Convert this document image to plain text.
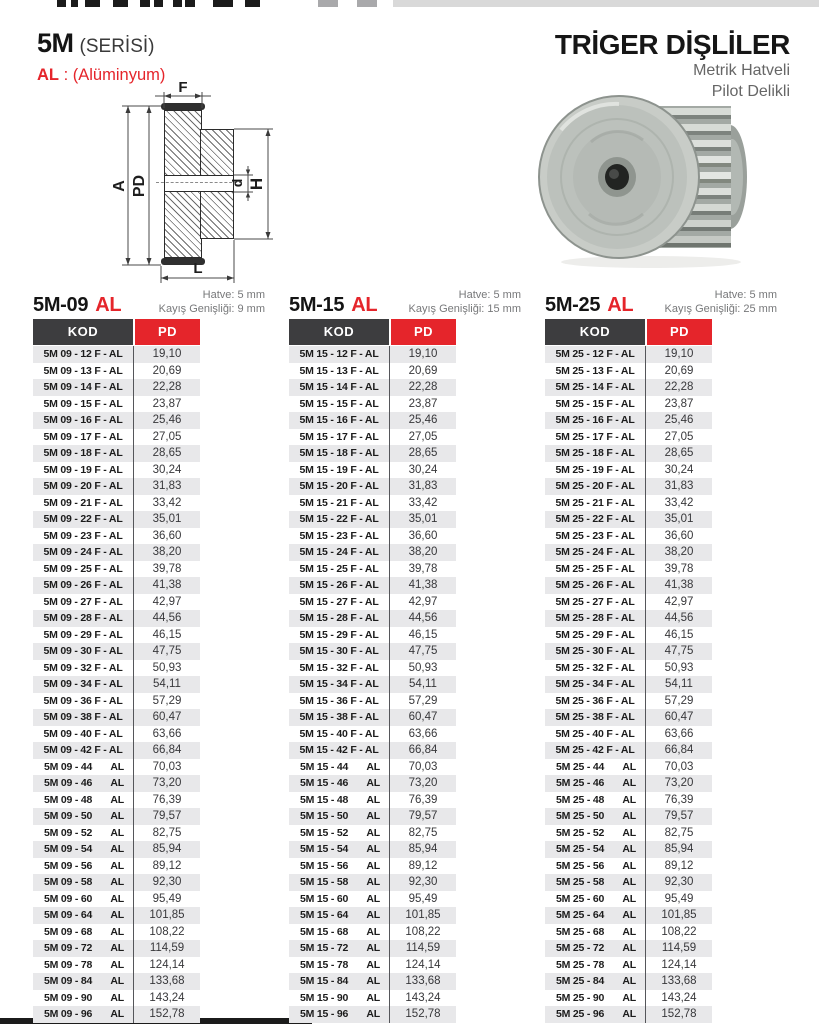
5M (SERİSİ)
AL : (Alüminyum)
TRİGER DİŞLİLER
Metrik Hatveli
Pilot Delikli
F
A PD	d H
L
5M-09 AL	Hatve: 5 mm
Kayış Genişliği: 9 mm
KOD	PD
5M 09 - 12 F - AL	19,10
5M 09 - 13 F - AL	20,69
5M 09 - 14 F - AL	22,28
5M 09 - 15 F - AL	23,87
5M 09 - 16 F - AL	25,46
5M 09 - 17 F - AL	27,05
5M 09 - 18 F - AL	28,65
5M 09 - 19 F - AL	30,24
5M 09 - 20 F - AL	31,83
5M 09 - 21 F - AL	33,42
5M 09 - 22 F - AL	35,01
5M 09 - 23 F - AL	36,60
5M 09 - 24 F - AL	38,20
5M 09 - 25 F - AL	39,78
5M 09 - 26 F - AL	41,38
5M 09 - 27 F - AL	42,97
5M 09 - 28 F - AL	44,56
5M 09 - 29 F - AL	46,15
5M 09 - 30 F - AL	47,75
5M 09 - 32 F - AL	50,93
5M 09 - 34 F - AL	54,11
5M 09 - 36 F - AL	57,29
5M 09 - 38 F - AL	60,47
5M 09 - 40 F - AL	63,66
5M 09 - 42 F - AL	66,84
5M 09 - 44 AL	70,03
5M 09 - 46 AL	73,20
5M 09 - 48 AL	76,39
5M 09 - 50 AL	79,57
5M 09 - 52 AL	82,75
5M 09 - 54 AL	85,94
5M 09 - 56 AL	89,12
5M 09 - 58 AL	92,30
5M 09 - 60 AL	95,49
5M 09 - 64 AL	101,85
5M 09 - 68 AL	108,22
5M 09 - 72 AL	114,59
5M 09 - 78 AL	124,14
5M 09 - 84 AL	133,68
5M 09 - 90 AL	143,24
5M 09 - 96 AL	152,78
5M-15 AL	Hatve: 5 mm
Kayış Genişliği: 15 mm
KOD	PD
5M 15 - 12 F - AL	19,10
5M 15 - 13 F - AL	20,69
5M 15 - 14 F - AL	22,28
5M 15 - 15 F - AL	23,87
5M 15 - 16 F - AL	25,46
5M 15 - 17 F - AL	27,05
5M 15 - 18 F - AL	28,65
5M 15 - 19 F - AL	30,24
5M 15 - 20 F - AL	31,83
5M 15 - 21 F - AL	33,42
5M 15 - 22 F - AL	35,01
5M 15 - 23 F - AL	36,60
5M 15 - 24 F - AL	38,20
5M 15 - 25 F - AL	39,78
5M 15 - 26 F - AL	41,38
5M 15 - 27 F - AL	42,97
5M 15 - 28 F - AL	44,56
5M 15 - 29 F - AL	46,15
5M 15 - 30 F - AL	47,75
5M 15 - 32 F - AL	50,93
5M 15 - 34 F - AL	54,11
5M 15 - 36 F - AL	57,29
5M 15 - 38 F - AL	60,47
5M 15 - 40 F - AL	63,66
5M 15 - 42 F - AL	66,84
5M 15 - 44 AL	70,03
5M 15 - 46 AL	73,20
5M 15 - 48 AL	76,39
5M 15 - 50 AL	79,57
5M 15 - 52 AL	82,75
5M 15 - 54 AL	85,94
5M 15 - 56 AL	89,12
5M 15 - 58 AL	92,30
5M 15 - 60 AL	95,49
5M 15 - 64 AL	101,85
5M 15 - 68 AL	108,22
5M 15 - 72 AL	114,59
5M 15 - 78 AL	124,14
5M 15 - 84 AL	133,68
5M 15 - 90 AL	143,24
5M 15 - 96 AL	152,78
5M-25 AL	Hatve: 5 mm
Kayış Genişliği: 25 mm
KOD	PD
5M 25 - 12 F - AL	19,10
5M 25 - 13 F - AL	20,69
5M 25 - 14 F - AL	22,28
5M 25 - 15 F - AL	23,87
5M 25 - 16 F - AL	25,46
5M 25 - 17 F - AL	27,05
5M 25 - 18 F - AL	28,65
5M 25 - 19 F - AL	30,24
5M 25 - 20 F - AL	31,83
5M 25 - 21 F - AL	33,42
5M 25 - 22 F - AL	35,01
5M 25 - 23 F - AL	36,60
5M 25 - 24 F - AL	38,20
5M 25 - 25 F - AL	39,78
5M 25 - 26 F - AL	41,38
5M 25 - 27 F - AL	42,97
5M 25 - 28 F - AL	44,56
5M 25 - 29 F - AL	46,15
5M 25 - 30 F - AL	47,75
5M 25 - 32 F - AL	50,93
5M 25 - 34 F - AL	54,11
5M 25 - 36 F - AL	57,29
5M 25 - 38 F - AL	60,47
5M 25 - 40 F - AL	63,66
5M 25 - 42 F - AL	66,84
5M 25 - 44 AL	70,03
5M 25 - 46 AL	73,20
5M 25 - 48 AL	76,39
5M 25 - 50 AL	79,57
5M 25 - 52 AL	82,75
5M 25 - 54 AL	85,94
5M 25 - 56 AL	89,12
5M 25 - 58 AL	92,30
5M 25 - 60 AL	95,49
5M 25 - 64 AL	101,85
5M 25 - 68 AL	108,22
5M 25 - 72 AL	114,59
5M 25 - 78 AL	124,14
5M 25 - 84 AL	133,68
5M 25 - 90 AL	143,24
5M 25 - 96 AL	152,78
